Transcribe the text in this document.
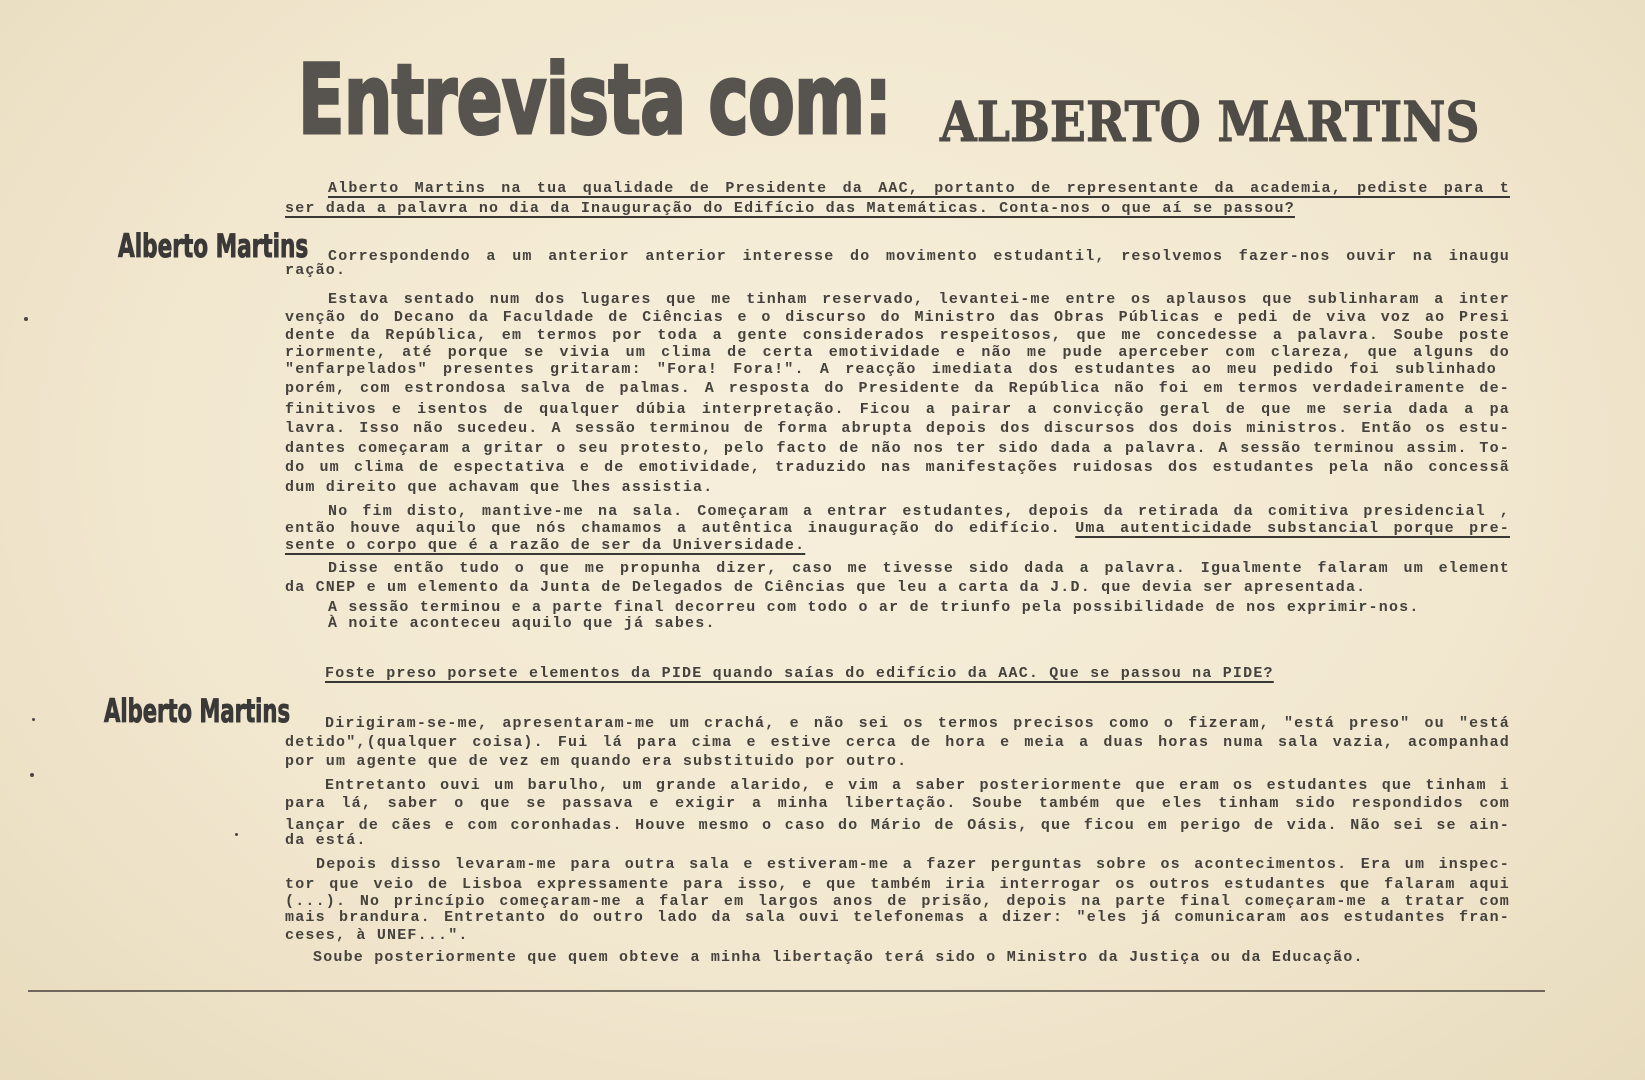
Entrevista com: ALBERTO MARTINS
Alberto Martins na tua qualidade de Presidente da AAC, portanto de representante da academia, pediste para t
ser dada a palavra no dia da Inauguração do Edifício das Matemáticas. Conta-nos o que aí se passou?
Alberto Martins Correspondendo a um anterior anterior interesse do movimento estudantil, resolvemos fazer-nos ouvir na inaugu
ração.
Estava sentado num dos lugares que me tinham reservado, levantei-me entre os aplausos que sublinharam a inter
venção do Decano da Faculdade de Ciências e o discurso do Ministro das Obras Públicas e pedi de viva voz ao Presi
dente da República, em termos por toda a gente considerados respeitosos, que me concedesse a palavra. Soube poste
riormente, até porque se vivia um clima de certa emotividade e não me pude aperceber com clareza, que alguns do
"enfarpelados" presentes gritaram: "Fora! Fora!". A reacção imediata dos estudantes ao meu pedido foi sublinhado
porém, com estrondosa salva de palmas. A resposta do Presidente da República não foi em termos verdadeiramente de-
finitivos e isentos de qualquer dúbia interpretação. Ficou a pairar a convicção geral de que me seria dada a pa
lavra. Isso não sucedeu. A sessão terminou de forma abrupta depois dos discursos dos dois ministros. Então os estu-
dantes começaram a gritar o seu protesto, pelo facto de não nos ter sido dada a palavra. A sessão terminou assim. To-
do um clima de espectativa e de emotividade, traduzido nas manifestações ruidosas dos estudantes pela não concessã
dum direito que achavam que lhes assistia.
No fim disto, mantive-me na sala. Começaram a entrar estudantes, depois da retirada da comitiva presidencial ,
então houve aquilo que nós chamamos a autêntica inauguração do edifício. Uma autenticidade substancial porque pre-
sente o corpo que é a razão de ser da Universidade.
Disse então tudo o que me propunha dizer, caso me tivesse sido dada a palavra. Igualmente falaram um element
da CNEP e um elemento da Junta de Delegados de Ciências que leu a carta da J.D. que devia ser apresentada.
A sessão terminou e a parte final decorreu com todo o ar de triunfo pela possibilidade de nos exprimir-nos.
À noite aconteceu aquilo que já sabes.
Foste preso porsete elementos da PIDE quando saías do edifício da AAC. Que se passou na PIDE?
Alberto Martins Dirigiram-se-me, apresentaram-me um crachá, e não sei os termos precisos como o fizeram, "está preso" ou "está
detido",(qualquer coisa). Fui lá para cima e estive cerca de hora e meia a duas horas numa sala vazia, acompanhad
por um agente que de vez em quando era substituido por outro.
Entretanto ouvi um barulho, um grande alarido, e vim a saber posteriormente que eram os estudantes que tinham i
para lá, saber o que se passava e exigir a minha libertação. Soube também que eles tinham sido respondidos com
lançar de cães e com coronhadas. Houve mesmo o caso do Mário de Oásis, que ficou em perigo de vida. Não sei se ain-
da está.
Depois disso levaram-me para outra sala e estiveram-me a fazer perguntas sobre os acontecimentos. Era um inspec-
tor que veio de Lisboa expressamente para isso, e que também iria interrogar os outros estudantes que falaram aqui
(...). No princípio começaram-me a falar em largos anos de prisão, depois na parte final começaram-me a tratar com
mais brandura. Entretanto do outro lado da sala ouvi telefonemas a dizer: "eles já comunicaram aos estudantes fran-
ceses, à UNEF...".
Soube posteriormente que quem obteve a minha libertação terá sido o Ministro da Justiça ou da Educação.
